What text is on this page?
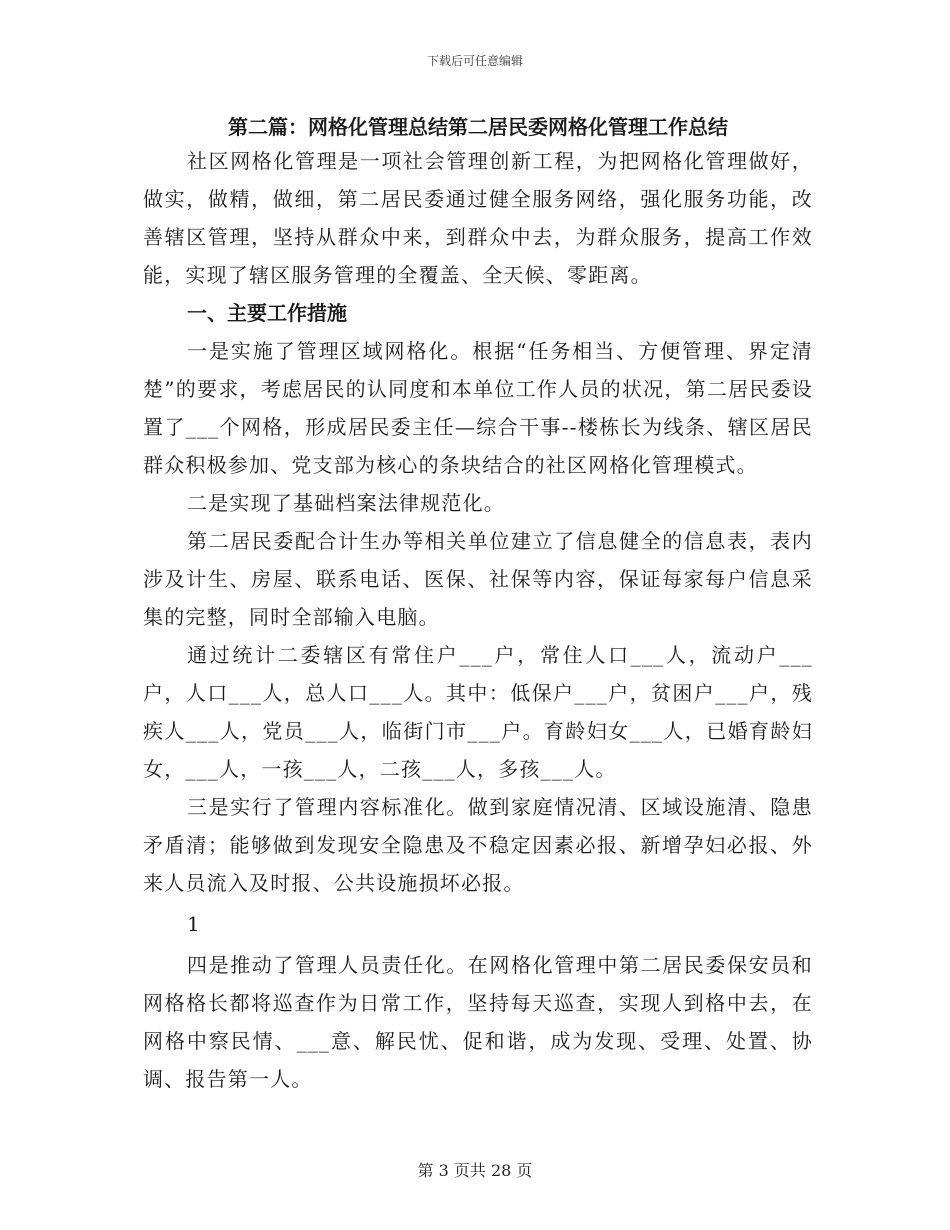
下载后可任意编辑
第二篇：网格化管理总结第二居民委网格化管理工作总结

社区网格化管理是一项社会管理创新工程，为把网格化管理做好，做实，做精，做细，第二居民委通过健全服务网络，强化服务功能，改善辖区管理，坚持从群众中来，到群众中去，为群众服务，提高工作效能，实现了辖区服务管理的全覆盖、全天候、零距离。

一、主要工作措施

一是实施了管理区域网格化。根据“任务相当、方便管理、界定清楚”的要求，考虑居民的认同度和本单位工作人员的状况，第二居民委设置了___个网格，形成居民委主任—综合干事--楼栋长为线条、辖区居民群众积极参加、党支部为核心的条块结合的社区网格化管理模式。

二是实现了基础档案法律规范化。

第二居民委配合计生办等相关单位建立了信息健全的信息表，表内涉及计生、房屋、联系电话、医保、社保等内容，保证每家每户信息采集的完整，同时全部输入电脑。

通过统计二委辖区有常住户___户，常住人口___人，流动户___户，人口___人，总人口___人。其中：低保户___户，贫困户___户，残疾人___人，党员___人，临街门市___户。育龄妇女___人，已婚育龄妇女，___人，一孩___人，二孩___人，多孩___人。

三是实行了管理内容标准化。做到家庭情况清、区域设施清、隐患矛盾清；能够做到发现安全隐患及不稳定因素必报、新增孕妇必报、外来人员流入及时报、公共设施损坏必报。

1

四是推动了管理人员责任化。在网格化管理中第二居民委保安员和网格格长都将巡查作为日常工作，坚持每天巡查，实现人到格中去，在网格中察民情、___意、解民忧、促和谐，成为发现、受理、处置、协调、报告第一人。

第 3 页共 28 页
